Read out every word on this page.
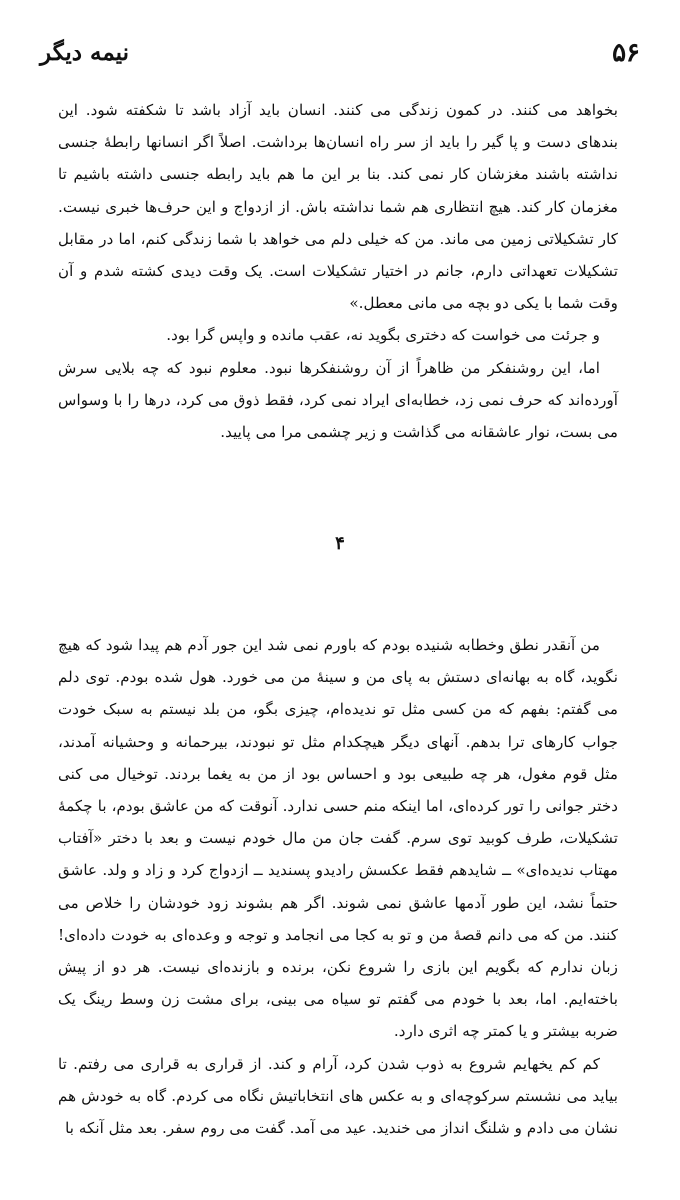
۵۶
نیمه دیگر

بخواهد می کنند. در کمون زندگی می کنند. انسان باید آزاد باشد تا شکفته شود. این بندهای دست و پا گیر را باید از سر راه انسان‌ها برداشت. اصلاً اگر انسانها رابطهٔ جنسی نداشته باشند مغزشان کار نمی کند. بنا بر این ما هم باید رابطه جنسی داشته باشیم تا مغزمان کار کند. هیچ انتظاری هم شما نداشته باش. از ازدواج و این حرف‌ها خبری نیست. کار تشکیلاتی زمین می ماند. من که خیلی دلم می خواهد با شما زندگی کنم، اما در مقابل تشکیلات تعهداتی دارم، جانم در اختیار تشکیلات است. یک وقت دیدی کشته شدم و آن وقت شما با یکی دو بچه می مانی معطل.»

و جرئت می خواست که دختری بگوید نه، عقب مانده و واپس گرا بود.

اما، این روشنفکر من ظاهراً از آن روشنفکرها نبود. معلوم نبود که چه بلایی سرش آورده‌اند که حرف نمی زد، خطابه‌ای ایراد نمی کرد، فقط ذوق می کرد، درها را با وسواس می بست، نوار عاشقانه می گذاشت و زیر چشمی مرا می پایید.

۴

من آنقدر نطق وخطابه شنیده بودم که باورم نمی شد این جور آدم هم پیدا شود که هیچ نگوید، گاه به بهانه‌ای دستش به پای من و سینهٔ من می خورد. هول شده بودم. توی دلم می گفتم: بفهم که من کسی مثل تو ندیده‌ام، چیزی بگو، من بلد نیستم به سبک خودت جواب کارهای ترا بدهم. آنهای دیگر هیچکدام مثل تو نبودند، بیرحمانه و وحشیانه آمدند، مثل قوم مغول، هر چه طبیعی بود و احساس بود از من به یغما بردند. توخیال می کنی دختر جوانی را تور کرده‌ای، اما اینکه منم حسی ندارد. آنوقت که من عاشق بودم، با چکمهٔ تشکیلات، طرف کوبید توی سرم. گفت جان من مال خودم نیست و بعد با دختر «آفتاب مهتاب ندیده‌ای» ــ شایدهم فقط عکسش رادیدو پسندید ــ ازدواج کرد و زاد و ولد. عاشق حتماً نشد، این طور آدمها عاشق نمی شوند. اگر هم بشوند زود خودشان را خلاص می کنند. من که می دانم قصهٔ من و تو به کجا می انجامد و توجه و وعده‌ای به خودت داده‌ای! زبان ندارم که بگویم این بازی را شروع نکن، برنده و بازنده‌ای نیست. هر دو از پیش باخته‌ایم. اما، بعد با خودم می گفتم تو سیاه می بینی، برای مشت زن وسط رینگ یک ضربه بیشتر و یا کمتر چه اثری دارد.

کم کم یخهایم شروع به ذوب شدن کرد، آرام و کند. از قراری به قراری می رفتم. تا بیاید می نشستم سرکوچه‌ای و به عکس های انتخاباتیش نگاه می کردم. گاه به خودش هم نشان می دادم و شلنگ انداز می خندید. عید می آمد. گفت می روم سفر. بعد مثل آنکه با
